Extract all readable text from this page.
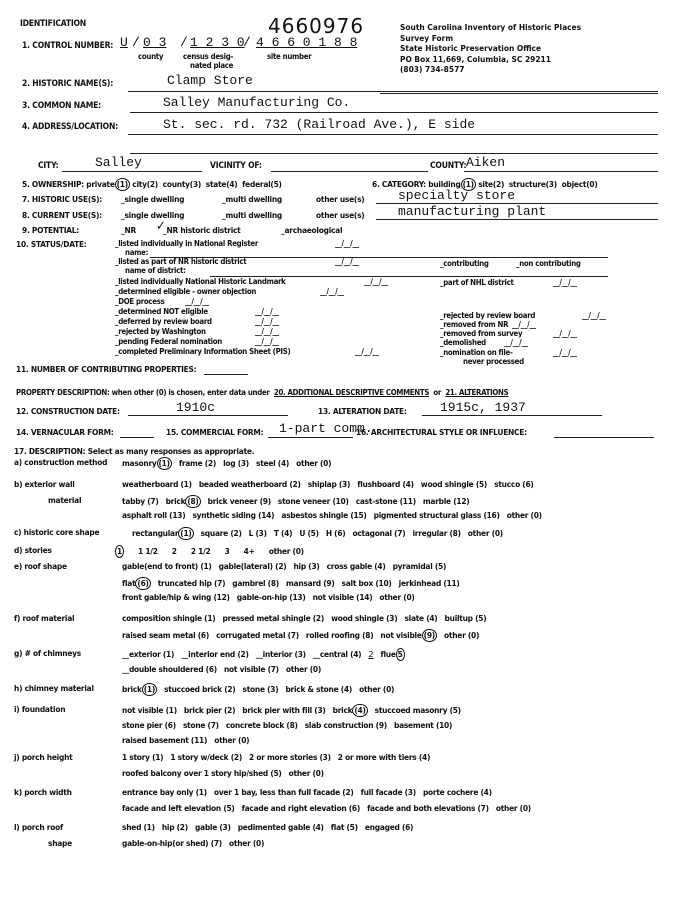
IDENTIFICATION	4660976	South Carolina Inventory of Historic Places
Survey Form
State Historic Preservation Office
PO Box 11,669, Columbia, SC 29211
(803) 734-8577
1. CONTROL NUMBER: U / 0 3 / 1 2 3 0
/ 4 6 6 0 1 8 8
county	census desig-
nated place
site number
2. HISTORIC NAME(S):	Clamp Store
3. COMMON NAME:	Salley Manufacturing Co.
4. ADDRESS/LOCATION:	St. sec. rd. 732 (Railroad Ave.), E side
CITY:	Salley	VICINITY OF:	COUNTY: Aiken
5. OWNERSHIP: private (1) city(2) county(3) state(4) federal(5)	6. CATEGORY: building (1) site(2) structure(3) object(0)
7. HISTORIC USE(S): _single dwelling	_multi dwelling	other use(s)	specialty store
8. CURRENT USE(S): _single dwelling	_multi dwelling	other use(s)	manufacturing plant
9. POTENTIAL:	_NR ✓
_NR historic district	_archaeological
10. STATUS/DATE:	_listed individually in National Register	__/__/__
name:
_listed as part of NR historic district	__/__/__	_contributing	_non contributing
name of district:
_listed individually National Historic Landmark	__/__/__	_part of NHL district	__/__/__
_determined eligible - owner objection	__/__/__
_DOE process	__/__/__
_determined NOT eligible	__/__/__
_deferred by review board	__/__/__
_rejected by Washington	__/__/__
_pending Federal nomination	__/__/__
_completed Preliminary Information Sheet (PIS)	__/__/__
_rejected by review board	__/__/__
_removed from NR __/__/__
_removed from survey	__/__/__
_demolished __/__/__
_nomination on file-	__/__/__
never processed
11. NUMBER OF CONTRIBUTING PROPERTIES:
PROPERTY DESCRIPTION: when other (0) is chosen, enter data under 20. ADDITIONAL DESCRIPTIVE COMMENTS or 21. ALTERATIONS
12. CONSTRUCTION DATE:	1910c	13. ALTERATION DATE:	1915c, 1937
14. VERNACULAR FORM:	15. COMMERCIAL FORM: 1-part comm.
16. ARCHITECTURAL STYLE OR INFLUENCE:
17. DESCRIPTION: Select as many responses as appropriate.
a) construction method masonry (1) frame (2) log (3) steel (4) other (0)
b) exterior wall
material
weatherboard (1) beaded weatherboard (2) shiplap (3) flushboard (4) wood shingle (5) stucco (6)
tabby (7) brick (8) brick veneer (9) stone veneer (10) cast-stone (11) marble (12)
asphalt roll (13) synthetic siding (14) asbestos shingle (15) pigmented structural glass (16) other (0)
c) historic core shape	rectangular (1) square (2) L (3) T (4) U (5) H (6) octagonal (7) irregular (8) other (0)
d) stories	1 1 1/2 2 2 1/2 3 4+ other (0)
e) roof shape	gable(end to front) (1) gable(lateral) (2) hip (3) cross gable (4) pyramidal (5)
flat (6) truncated hip (7) gambrel (8) mansard (9) salt box (10) jerkinhead (11)
front gable/hip & wing (12) gable-on-hip (13) not visible (14) other (0)
f) roof material	composition shingle (1) pressed metal shingle (2) wood shingle (3) slate (4) builtup (5)
raised seam metal (6) corrugated metal (7) rolled roofing (8) not visible (9) other (0)
g) # of chimneys	__exterior (1) __interior end (2) __interior (3) __central (4) 2 flue 5
__double shouldered (6) not visible (7) other (0)
h) chimney material	brick (1) stuccoed brick (2) stone (3) brick & stone (4) other (0)
i) foundation	not visible (1) brick pier (2) brick pier with fill (3) brick (4) stuccoed masonry (5)
stone pier (6) stone (7) concrete block (8) slab construction (9) basement (10)
raised basement (11) other (0)
j) porch height	1 story (1) 1 story w/deck (2) 2 or more stories (3) 2 or more with tiers (4)
roofed balcony over 1 story hip/shed (5) other (0)
k) porch width	entrance bay only (1) over 1 bay, less than full facade (2) full facade (3) porte cochere (4)
facade and left elevation (5) facade and right elevation (6) facade and both elevations (7) other (0)
l) porch roof
shape
shed (1) hip (2) gable (3) pedimented gable (4) flat (5) engaged (6)
gable-on-hip(or shed) (7) other (0)
